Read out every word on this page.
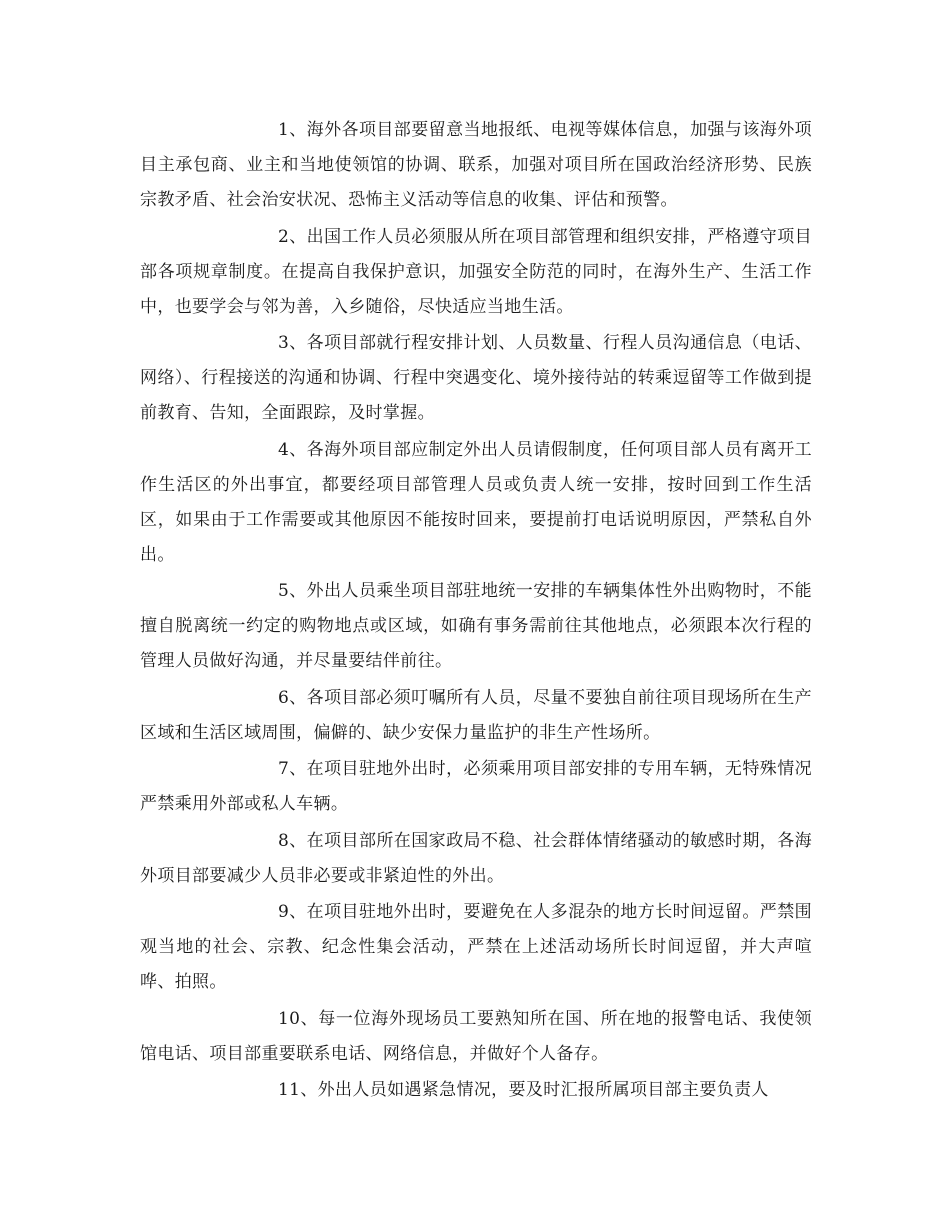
1、海外各项目部要留意当地报纸、电视等媒体信息，加强与该海外项目主承包商、业主和当地使领馆的协调、联系，加强对项目所在国政治经济形势、民族宗教矛盾、社会治安状况、恐怖主义活动等信息的收集、评估和预警。

2、出国工作人员必须服从所在项目部管理和组织安排，严格遵守项目部各项规章制度。在提高自我保护意识，加强安全防范的同时，在海外生产、生活工作中，也要学会与邻为善，入乡随俗，尽快适应当地生活。

3、各项目部就行程安排计划、人员数量、行程人员沟通信息（电话、网络）、行程接送的沟通和协调、行程中突遇变化、境外接待站的转乘逗留等工作做到提前教育、告知，全面跟踪，及时掌握。

4、各海外项目部应制定外出人员请假制度，任何项目部人员有离开工作生活区的外出事宜，都要经项目部管理人员或负责人统一安排，按时回到工作生活区，如果由于工作需要或其他原因不能按时回来，要提前打电话说明原因，严禁私自外出。

5、外出人员乘坐项目部驻地统一安排的车辆集体性外出购物时，不能擅自脱离统一约定的购物地点或区域，如确有事务需前往其他地点，必须跟本次行程的管理人员做好沟通，并尽量要结伴前往。

6、各项目部必须叮嘱所有人员，尽量不要独自前往项目现场所在生产区域和生活区域周围，偏僻的、缺少安保力量监护的非生产性场所。

7、在项目驻地外出时，必须乘用项目部安排的专用车辆，无特殊情况严禁乘用外部或私人车辆。

8、在项目部所在国家政局不稳、社会群体情绪骚动的敏感时期，各海外项目部要减少人员非必要或非紧迫性的外出。

9、在项目驻地外出时，要避免在人多混杂的地方长时间逗留。严禁围观当地的社会、宗教、纪念性集会活动，严禁在上述活动场所长时间逗留，并大声喧哗、拍照。

10、每一位海外现场员工要熟知所在国、所在地的报警电话、我使领馆电话、项目部重要联系电话、网络信息，并做好个人备存。

11、外出人员如遇紧急情况，要及时汇报所属项目部主要负责人
